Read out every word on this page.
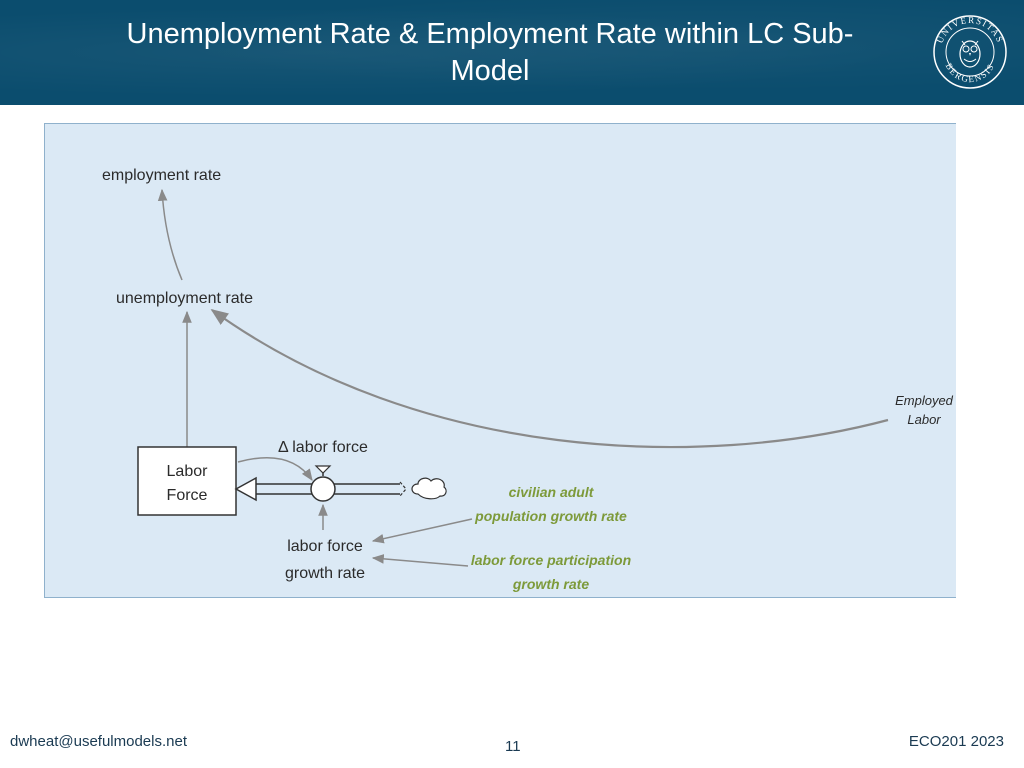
Unemployment Rate & Employment Rate within LC Sub-
Model
UNIVERSITAS
BERGENSIS
Labor
Force
employment rate
unemployment rate
Δ labor force
labor force
growth rate
Employed
Labor
civilian adult
population growth rate
labor force participation
growth rate
dwheat@usefulmodels.net	11	ECO201 2023
